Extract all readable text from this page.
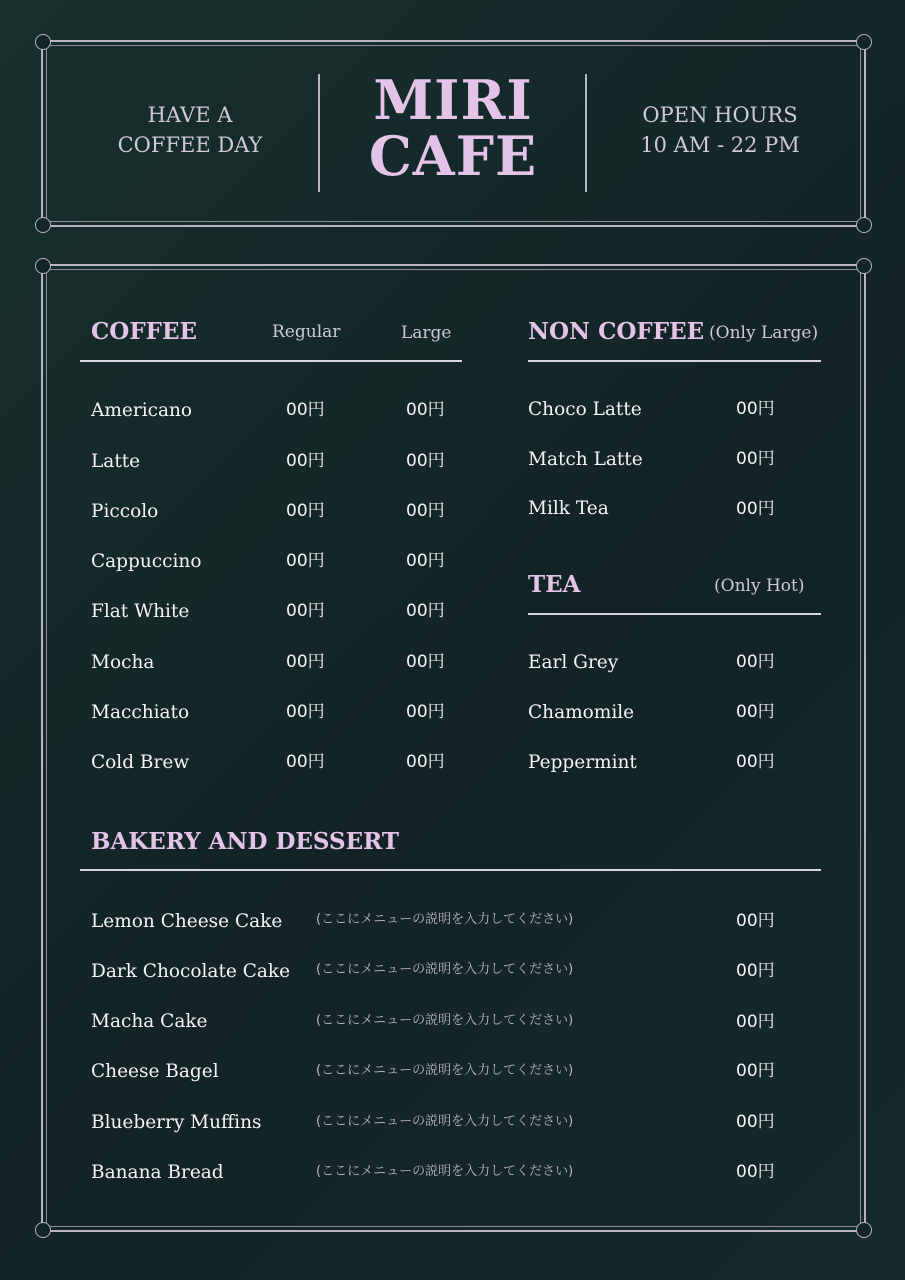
HAVE A
COFFEE DAY
MIRI
CAFE
OPEN HOURS
10 AM - 22 PM
COFFEE	Regular	Large
Americano	00円	00円
Latte	00円	00円
Piccolo	00円	00円
Cappuccino	00円	00円
Flat White	00円	00円
Mocha	00円	00円
Macchiato	00円	00円
Cold Brew	00円	00円
NON COFFEE (Only Large)
Choco Latte	00円
Match Latte	00円
Milk Tea	00円
TEA	(Only Hot)
Earl Grey	00円
Chamomile	00円
Peppermint	00円
BAKERY AND DESSERT
Lemon Cheese Cake	(ここにメニューの説明を入力してください)	00円
Dark Chocolate Cake (ここにメニューの説明を入力してください)	00円
Macha Cake	(ここにメニューの説明を入力してください)	00円
Cheese Bagel	(ここにメニューの説明を入力してください)	00円
Blueberry Muffins	(ここにメニューの説明を入力してください)	00円
Banana Bread	(ここにメニューの説明を入力してください)	00円
